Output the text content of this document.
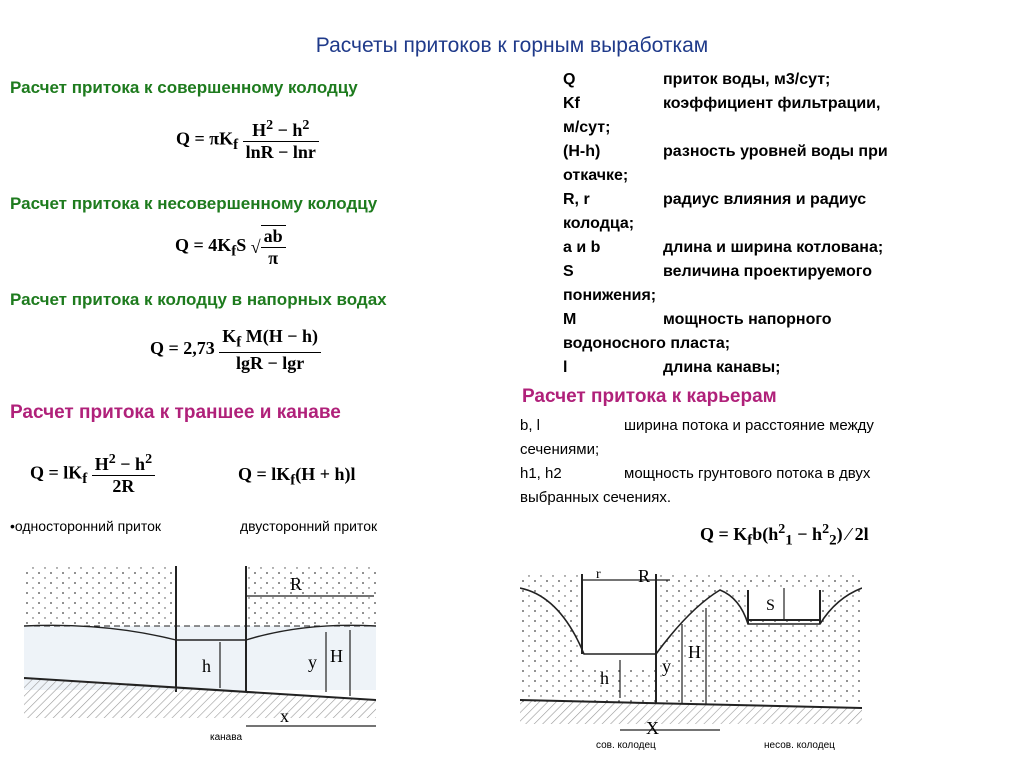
Расчеты притоков к горным выработкам
Расчет притока к совершенному колодцу
$Q = \pi K_f \frac{H^2 - h^2}{\ln R - \ln r}$
Расчет притока к несовершенному колодцу
$Q = 4K_fS$ √ $\frac{ab}{\pi}$
Расчет притока к колодцу в напорных водах
$Q = 2,73 \frac{K_f M(H - h)}{\lg R - \lg r}$
Расчет притока к траншее и канаве
$Q = lK_f \frac{H^2 - h^2}{2R}$	$Q = lK_f(H + h)l$
•односторонний приток	двусторонний приток
Q	приток воды, м3/сут;
Kf	коэффициент фильтрации,
м/сут;
(H-h)	разность уровней воды при
откачке;
R, r	радиус влияния и радиус
колодца;
a и b	длина и ширина котлована;
S	величина проектируемого
понижения;
M	мощность напорного
водоносного пласта;
l	длина канавы;
Расчет притока к карьерам
b, l	ширина потока и расстояние между
сечениями;
h1, h2	мощность грунтового потока в двух
выбранных сечениях.
$Q = K_fb(h^2_1 - h^2_2)$ ⁄ 2l
R
h	y H
x
канава
r R
S
h
y
H
X
сов. колодец	несов. колодец
